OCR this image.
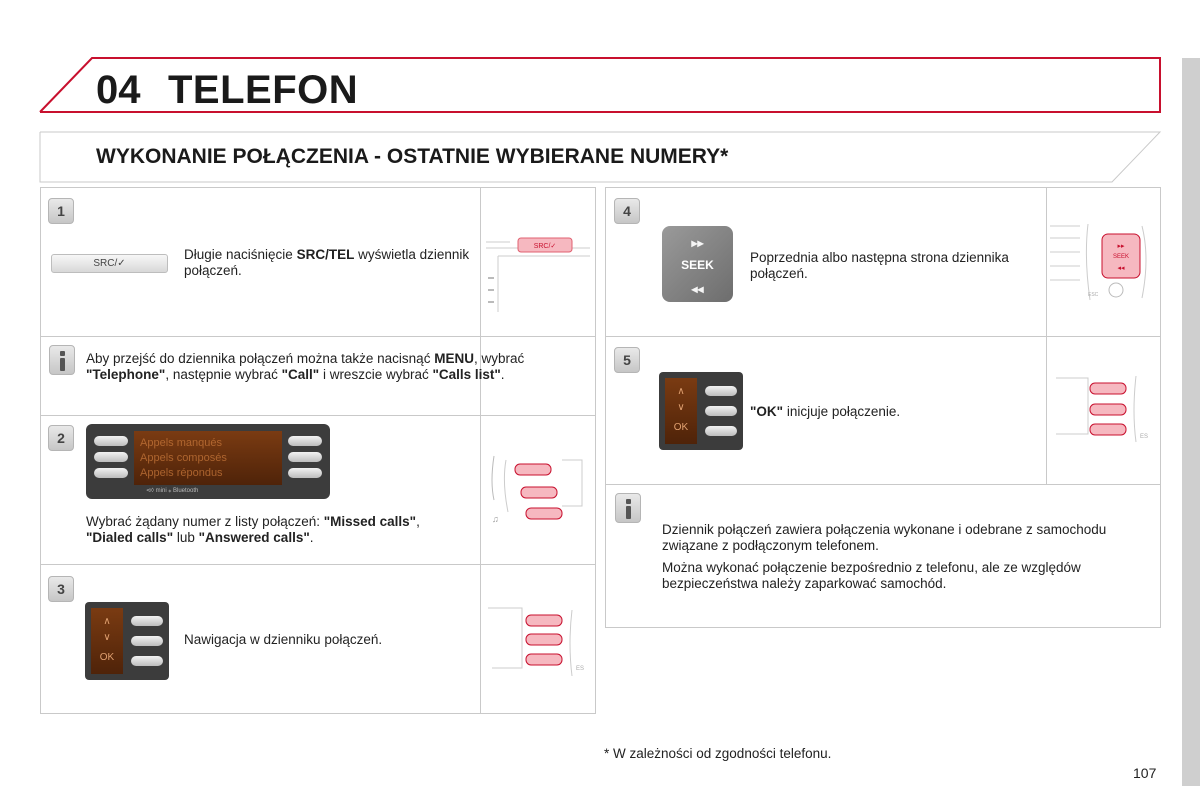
04 TELEFON
WYKONANIE POŁĄCZENIA - OSTATNIE WYBIERANE NUMERY*
1
SRC/✓
Długie naciśnięcie SRC/TEL wyświetla dziennik połączeń.
SRC/✓
Aby przejść do dziennika połączeń można także nacisnąć MENU, wybrać "Telephone", następnie wybrać "Call" i wreszcie wybrać "Calls list".
2	Appels manqués
Appels composés
Appels répondus
⊲◊ mini ⁎ Bluetooth
Wybrać żądany numer z listy połączeń: "Missed calls", "Dialed calls" lub "Answered calls".
♫
3
∧
∨
OK
Nawigacja w dzienniku połączeń.
ES
4
▸▸
SEEK
◂◂
Poprzednia albo następna strona dziennika połączeń.
▸▸
SEEK
◂◂
ESC
5
∧
∨
OK
"OK" inicjuje połączenie.
ES
Dziennik połączeń zawiera połączenia wykonane i odebrane z samochodu związane z podłączonym telefonem.
Można wykonać połączenie bezpośrednio z telefonu, ale ze względów bezpieczeństwa należy zaparkować samochód.
* W zależności od zgodności telefonu.
107
